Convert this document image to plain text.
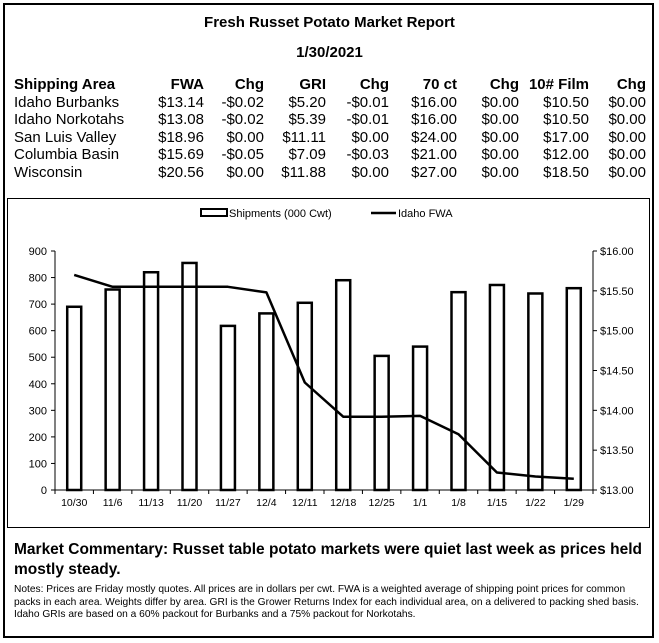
Fresh Russet Potato Market Report
1/30/2021
Shipping Area	FWA	Chg	GRI	Chg	70 ct	Chg	10# Film	Chg
Idaho Burbanks	$13.14	-$0.02	$5.20	-$0.01	$16.00	$0.00	$10.50	$0.00
Idaho Norkotahs	$13.08	-$0.02	$5.39	-$0.01	$16.00	$0.00	$10.50	$0.00
San Luis Valley	$18.96	$0.00	$11.11	$0.00	$24.00	$0.00	$17.00	$0.00
Columbia Basin	$15.69	-$0.05	$7.09	-$0.03	$21.00	$0.00	$12.00	$0.00
Wisconsin	$20.56	$0.00	$11.88	$0.00	$27.00	$0.00	$18.50	$0.00
Shipments (000 Cwt)	Idaho FWA
0
100
200
300
400
500
600
700
800
900
$13.00
$13.50
$14.00
$14.50
$15.00
$15.50
$16.00
10/30 11/6 11/13 11/20 11/27 12/4 12/11 12/18 12/25 1/1 1/8 1/15 1/22 1/29
Market Commentary: Russet table potato markets were quiet last week as prices held mostly steady.
Notes: Prices are Friday mostly quotes. All prices are in dollars per cwt. FWA is a weighted average of shipping point prices for common packs in each area. Weights differ by area. GRI is the Grower Returns Index for each individual area, on a delivered to packing shed basis. Idaho GRIs are based on a 60% packout for Burbanks and a 75% packout for Norkotahs.
